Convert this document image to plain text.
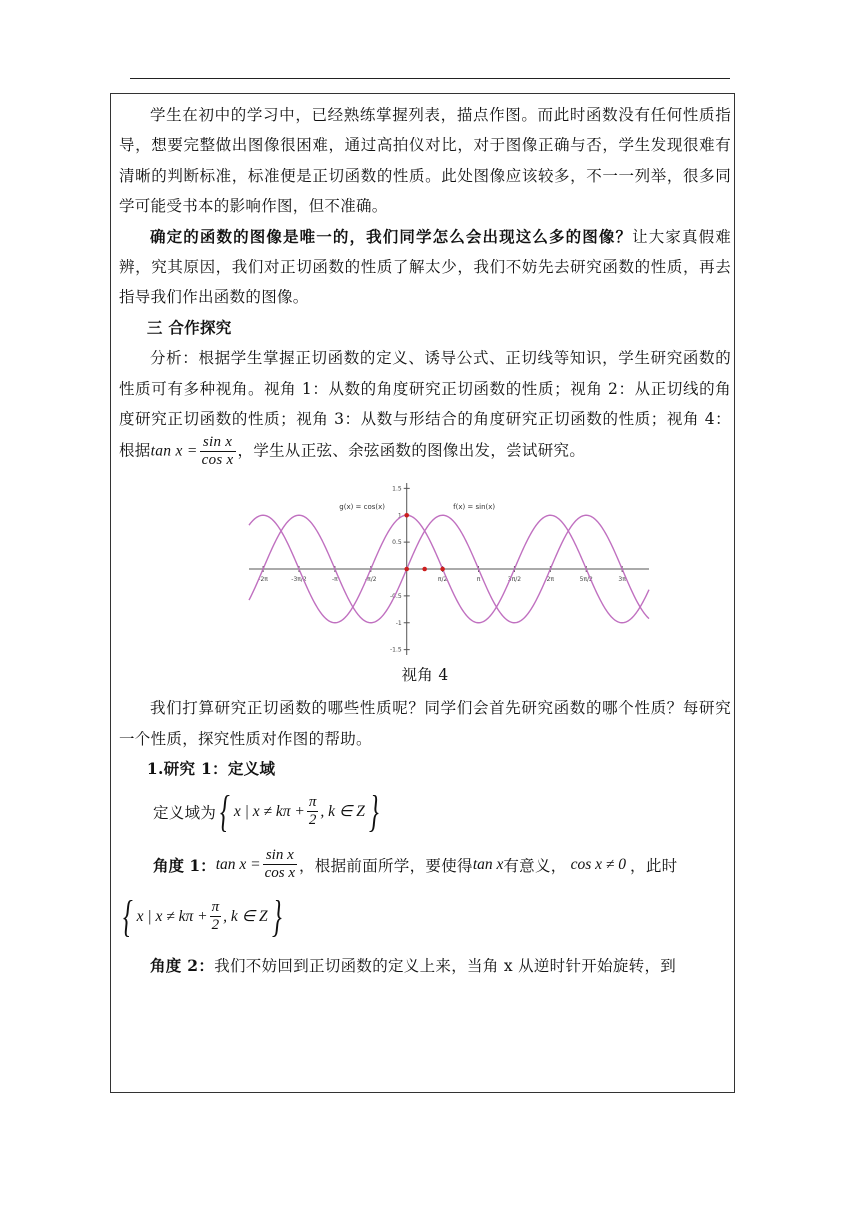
学生在初中的学习中，已经熟练掌握列表，描点作图。而此时函数没有任何性质指导，想要完整做出图像很困难，通过高拍仪对比，对于图像正确与否，学生发现很难有清晰的判断标准，标准便是正切函数的性质。此处图像应该较多，不一一列举，很多同学可能受书本的影响作图，但不准确。

确定的函数的图像是唯一的，我们同学怎么会出现这么多的图像？让大家真假难辨，究其原因，我们对正切函数的性质了解太少，我们不妨先去研究函数的性质，再去指导我们作出函数的图像。

三 合作探究

分析：根据学生掌握正切函数的定义、诱导公式、正切线等知识，学生研究函数的性质可有多种视角。视角 1：从数的角度研究正切函数的性质；视角 2：从正切线的角度研究正切函数的性质；视角 3：从数与形结合的角度研究正切函数的性质；视角 4：根据$\tan x = \frac{\text{sin x}}{\text{cos x}}$ ，学生从正弦、余弦函数的图像出发，尝试研究。

-2π	-3π/2	-π	-π/2	π/2	π	3π/2	2π	5π/2	3π
1.5
1
0.5
-0.5
-1
-1.5
g(x) = cos(x)	f(x) = sin(x)
视角 4

我们打算研究正切函数的哪些性质呢？同学们会首先研究函数的哪个性质？每研究一个性质，探究性质对作图的帮助。

1.研究 1：定义域

定义域为 { x | $x \ne k\pi + \frac{\pi}{2}$ , k ∈ Z }
角度 1： $\tan x = \frac{\text{sin x}}{\text{cos x}}$ ，根据前面所学，要使得 tan x 有意义， cos x ≠ 0 ，此时
{ x | $x \ne k\pi + \frac{\pi}{2}$ , k ∈ Z }

角度 2：我们不妨回到正切函数的定义上来，当角 x 从逆时针开始旋转，到
